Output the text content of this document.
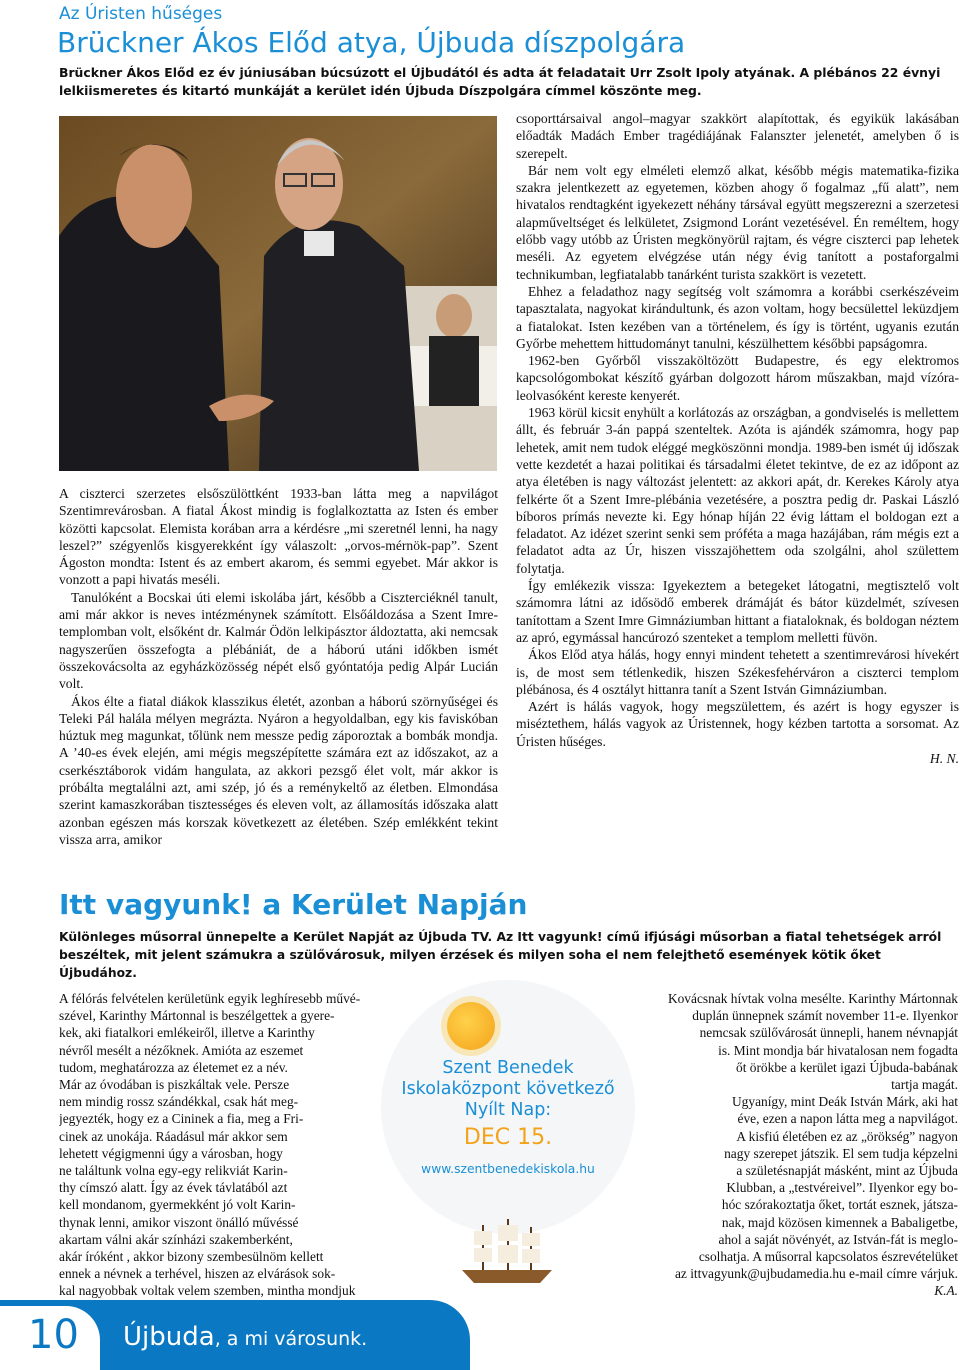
Az Úristen hűséges
Brückner Ákos Előd atya, Újbuda díszpolgára
Brückner Ákos Előd ez év júniusában búcsúzott el Újbudától és adta át feladatait Urr Zsolt Ipoly atyának. A plébános 22 évnyi lelkiismeretes és kitartó munkáját a kerület idén Újbuda Díszpolgára címmel köszönte meg.

A ciszterci szerzetes elsőszülöttként 1933-ban látta meg a napvilágot Szentimrevárosban. A fiatal Ákost mindig is foglalkoztatta az Isten és ember közötti kapcsolat. Elemista korában arra a kérdésre „mi szeretnél lenni, ha nagy leszel?” szégyenlős kisgyerekként így válaszolt: „orvos-mérnök-pap”. Szent Ágoston mondta: Istent és az embert akarom, és semmi egyebet. Már akkor is vonzott a papi hivatás meséli.

Tanulóként a Bocskai úti elemi iskolába járt, később a Ciszterciéknél tanult, ami már akkor is neves intézménynek számított. Elsőáldozása a Szent Imre-templomban volt, elsőként dr. Kalmár Ödön lelkipásztor áldoztatta, aki nemcsak nagyszerűen összefogta a plébániát, de a háború utáni időkben ismét összekovácsolta az egyházközösség népét első gyóntatója pedig Alpár Lucián volt.

Ákos élte a fiatal diákok klasszikus életét, azonban a háború szörnyűségei és Teleki Pál halála mélyen megrázta. Nyáron a hegyoldalban, egy kis faviskóban húztuk meg magunkat, tőlünk nem messze pedig záporoztak a bombák mondja. A ’40-es évek elején, ami mégis megszépítette számára ezt az időszakot, az a cserkésztáborok vidám hangulata, az akkori pezsgő élet volt, már akkor is próbálta megtalálni azt, ami szép, jó és a reménykeltő az életben. Elmondása szerint kamaszkorában tisztességes és eleven volt, az államosítás időszaka alatt azonban egészen más korszak következett az életében. Szép emlékként tekint vissza arra, amikor

csoporttársaival angol–magyar szakkört alapítottak, és egyikük lakásában előadták Madách Ember tragédiájának Falanszter jelenetét, amelyben ő is szerepelt.

Bár nem volt egy elméleti elemző alkat, később mégis matematika-fizika szakra jelentkezett az egyetemen, közben ahogy ő fogalmaz „fű alatt”, nem hivatalos rendtagként igyekezett néhány társával együtt megszerezni a szerzetesi alapműveltséget és lelkületet, Zsigmond Loránt vezetésével. Én reméltem, hogy előbb vagy utóbb az Úristen megkönyörül rajtam, és végre ciszterci pap lehetek meséli. Az egyetem elvégzése után négy évig tanított a postaforgalmi technikumban, legfiatalabb tanárként turista szakkört is vezetett.

Ehhez a feladathoz nagy segítség volt számomra a korábbi cserkészéveim tapasztalata, nagyokat kirándultunk, és azon voltam, hogy becsülettel leküzdjem a fiatalokat. Isten kezében van a történelem, és így is történt, ugyanis ezután Győrbe mehettem hittudományt tanulni, készülhettem későbbi papságomra.

1962-ben Győrből visszaköltözött Budapestre, és egy elektromos kapcsológombokat készítő gyárban dolgozott három műszakban, majd vízóra-leolvasóként kereste kenyerét.

1963 körül kicsit enyhült a korlátozás az országban, a gondviselés is mellettem állt, és február 3-án pappá szenteltek. Azóta is ajándék számomra, hogy pap lehetek, amit nem tudok eléggé megköszönni mondja. 1989-ben ismét új időszak vette kezdetét a hazai politikai és társadalmi életet tekintve, de ez az időpont az atya életében is nagy változást jelentett: az akkori apát, dr. Kerekes Károly atya felkérte őt a Szent Imre-plébánia vezetésére, a posztra pedig dr. Paskai László bíboros prímás nevezte ki. Egy hónap híján 22 évig láttam el boldogan ezt a feladatot. Az idézet szerint senki sem próféta a maga hazájában, rám mégis ezt a feladatot adta az Úr, hiszen visszajöhettem oda szolgálni, ahol születtem folytatja.

Így emlékezik vissza: Igyekeztem a betegeket látogatni, megtisztelő volt számomra látni az idősödő emberek drámáját és bátor küzdelmét, szívesen tanítottam a Szent Imre Gimnáziumban hittant a fiataloknak, és boldogan néztem az apró, egymással hancúrozó szenteket a templom melletti füvön.

Ákos Előd atya hálás, hogy ennyi mindent tehetett a szentimrevárosi hívekért is, de most sem tétlenkedik, hiszen Székesfehérváron a ciszterci templom plébánosa, és 4 osztályt hittanra tanít a Szent István Gimnáziumban.

Azért is hálás vagyok, hogy megszülettem, és azért is hogy egyszer is miséztethem, hálás vagyok az Úristennek, hogy kézben tartotta a sorsomat. Az Úristen hűséges.

H. N.
Itt vagyunk! a Kerület Napján
Különleges műsorral ünnepelte a Kerület Napját az Újbuda TV. Az Itt vagyunk! című ifjúsági műsorban a fiatal tehetségek arról beszéltek, mit jelent számukra a szülővárosuk, milyen érzések és milyen soha el nem felejthető események kötik őket Újbudához.
A félórás felvételen kerületünk egyik leghíresebb művé-
szével, Karinthy Mártonnal is beszélgettek a gyere-
kek, aki fiatalkori emlékeiről, illetve a Karinthy
névről mesélt a nézőknek. Amióta az eszemet
tudom, meghatározza az életemet ez a név.
Már az óvodában is piszkáltak vele. Persze
nem mindig rossz szándékkal, csak hát meg-
jegyezték, hogy ez a Cininek a fia, meg a Fri-
cinek az unokája. Ráadásul már akkor sem
lehetett végigmenni úgy a városban, hogy
ne találtunk volna egy-egy relikviát Karin-
thy címszó alatt. Így az évek távlatából azt
kell mondanom, gyermekként jó volt Karin-
thynak lenni, amikor viszont önálló művéssé
akartam válni akár színházi szakemberként,
akár íróként , akkor bizony szembesülnöm kellett
ennek a névnek a terhével, hiszen az elvárások sok-
kal nagyobbak voltak velem szemben, mintha mondjuk
Szent Benedek
Iskolaközpont következő
Nyílt Nap:
DEC 15.
www.szentbenedekiskola.hu
Kovácsnak hívtak volna mesélte. Karinthy Mártonnak
duplán ünnepnek számít november 11-e. Ilyenkor
nemcsak szülővárosát ünnepli, hanem névnapját
is. Mint mondja bár hivatalosan nem fogadta
őt örökbe a kerület igazi Újbuda-babának
tartja magát.
Ugyanígy, mint Deák István Márk, aki hat
éve, ezen a napon látta meg a napvilágot.
A kisfiú életében ez az „örökség” nagyon
nagy szerepet játszik. El sem tudja képzelni
a születésnapját másként, mint az Újbuda
Klubban, a „testvéreivel”. Ilyenkor egy bo-
hóc szórakoztatja őket, tortát esznek, játsza-
nak, majd közösen kimennek a Babaligetbe,
ahol a saját növényét, az István-fát is meglo-
csolhatja. A műsorral kapcsolatos észrevételüket
az ittvagyunk@ujbudamedia.hu e-mail címre várjuk.
K.A.
10 Újbuda, a mi városunk.
